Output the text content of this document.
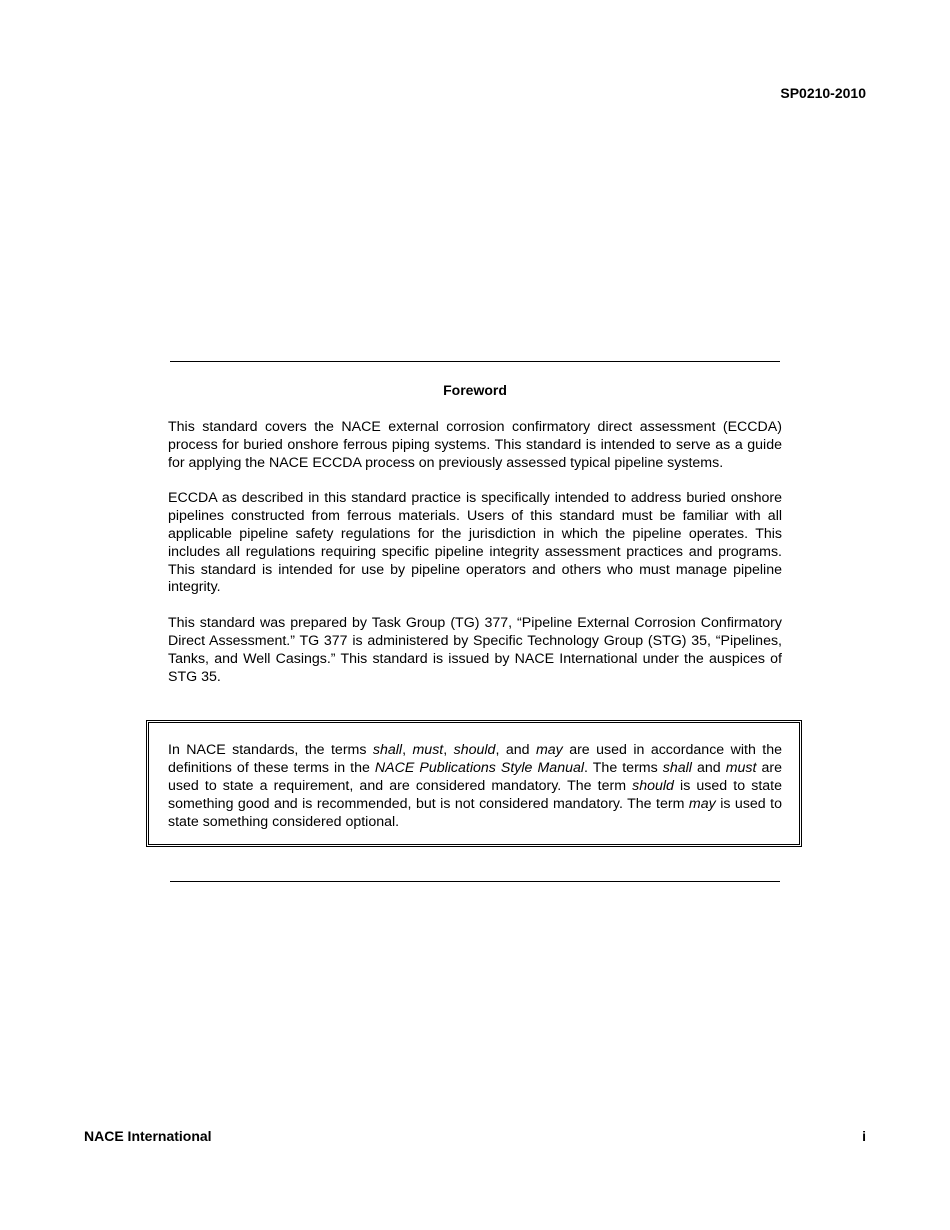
SP0210-2010
Foreword

This standard covers the NACE external corrosion confirmatory direct assessment (ECCDA) process for buried onshore ferrous piping systems. This standard is intended to serve as a guide for applying the NACE ECCDA process on previously assessed typical pipeline systems.

ECCDA as described in this standard practice is specifically intended to address buried onshore pipelines constructed from ferrous materials. Users of this standard must be familiar with all applicable pipeline safety regulations for the jurisdiction in which the pipeline operates. This includes all regulations requiring specific pipeline integrity assessment practices and programs. This standard is intended for use by pipeline operators and others who must manage pipeline integrity.

This standard was prepared by Task Group (TG) 377, “Pipeline External Corrosion Confirmatory Direct Assessment.” TG 377 is administered by Specific Technology Group (STG) 35, “Pipelines, Tanks, and Well Casings.” This standard is issued by NACE International under the auspices of STG 35.

In NACE standards, the terms shall, must, should, and may are used in accordance with the definitions of these terms in the NACE Publications Style Manual. The terms shall and must are used to state a requirement, and are considered mandatory. The term should is used to state something good and is recommended, but is not considered mandatory. The term may is used to state something considered optional.

NACE International	i
